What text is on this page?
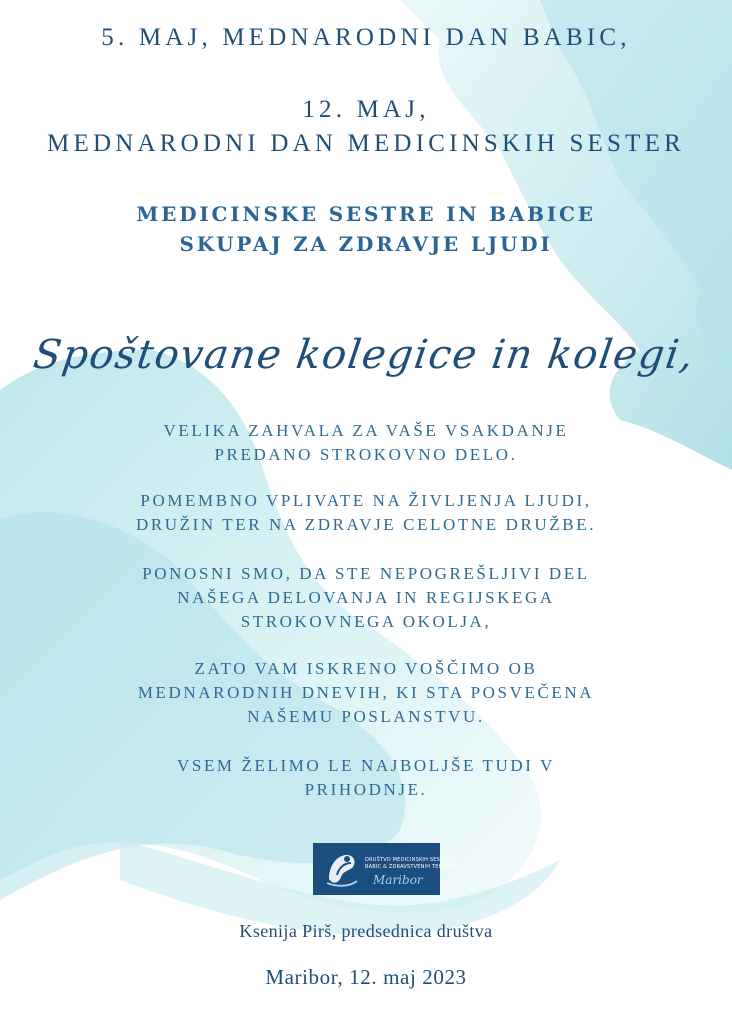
5. MAJ, MEDNARODNI DAN BABIC,
12. MAJ,
MEDNARODNI DAN MEDICINSKIH SESTER
MEDICINSKE SESTRE IN BABICE
SKUPAJ ZA ZDRAVJE LJUDI
Spoštovane kolegice in kolegi,
VELIKA ZAHVALA ZA VAŠE VSAKDANJE
PREDANO STROKOVNO DELO.
POMEMBNO VPLIVATE NA ŽIVLJENJA LJUDI,
DRUŽIN TER NA ZDRAVJE CELOTNE DRUŽBE.
PONOSNI SMO, DA STE NEPOGREŠLJIVI DEL
NAŠEGA DELOVANJA IN REGIJSKEGA
STROKOVNEGA OKOLJA,
ZATO VAM ISKRENO VOŠČIMO OB
MEDNARODNIH DNEVIH, KI STA POSVEČENA
NAŠEMU POSLANSTVU.
VSEM ŽELIMO LE NAJBOLJŠE TUDI V
PRIHODNJE.
DRUŠTVO MEDICINSKIH SESTER,
BABIC & ZDRAVSTVENIH TEHNIKOV
Maribor
Ksenija Pirš, predsednica društva
Maribor, 12. maj 2023
